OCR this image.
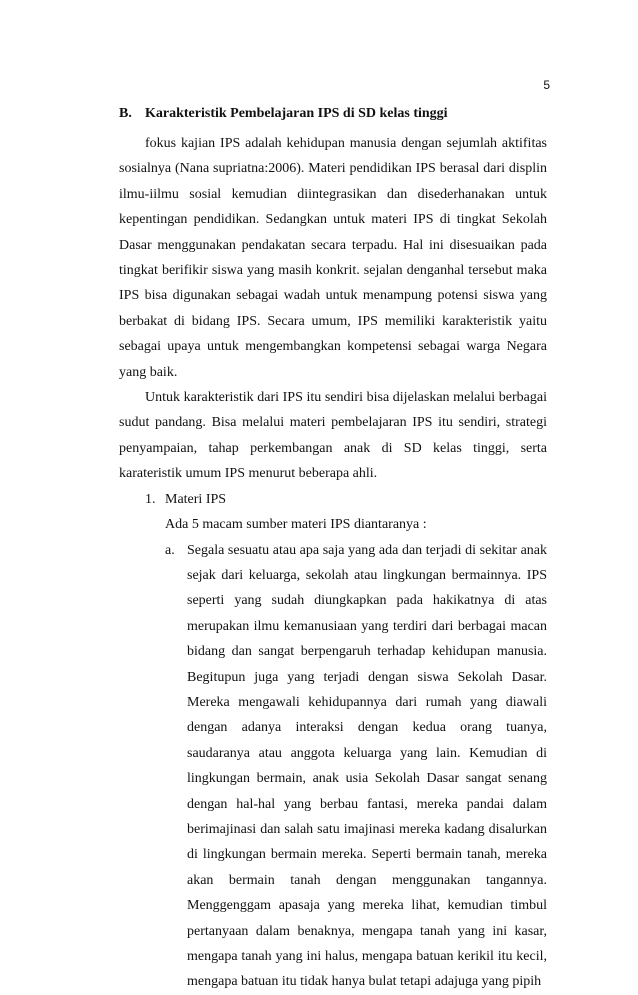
5
B. Karakteristik Pembelajaran IPS di SD kelas tinggi

fokus kajian IPS adalah kehidupan manusia dengan sejumlah aktifitas sosialnya (Nana supriatna:2006). Materi pendidikan IPS berasal dari displin ilmu-iilmu sosial kemudian diintegrasikan dan disederhanakan untuk kepentingan pendidikan. Sedangkan untuk materi IPS di tingkat Sekolah Dasar menggunakan pendakatan secara terpadu. Hal ini disesuaikan pada tingkat berifikir siswa yang masih konkrit. sejalan denganhal tersebut maka IPS bisa digunakan sebagai wadah untuk menampung potensi siswa yang berbakat di bidang IPS. Secara umum, IPS memiliki karakteristik yaitu sebagai upaya untuk mengembangkan kompetensi sebagai warga Negara yang baik.

Untuk karakteristik dari IPS itu sendiri bisa dijelaskan melalui berbagai sudut pandang. Bisa melalui materi pembelajaran IPS itu sendiri, strategi penyampaian, tahap perkembangan anak di SD kelas tinggi, serta karateristik umum IPS menurut beberapa ahli.

1. Materi IPS
Ada 5 macam sumber materi IPS diantaranya :
a. Segala sesuatu atau apa saja yang ada dan terjadi di sekitar anak sejak dari keluarga, sekolah atau lingkungan bermainnya. IPS seperti yang sudah diungkapkan pada hakikatnya di atas merupakan ilmu kemanusiaan yang terdiri dari berbagai macan bidang dan sangat berpengaruh terhadap kehidupan manusia. Begitupun juga yang terjadi dengan siswa Sekolah Dasar. Mereka mengawali kehidupannya dari rumah yang diawali dengan adanya interaksi dengan kedua orang tuanya, saudaranya atau anggota keluarga yang lain. Kemudian di lingkungan bermain, anak usia Sekolah Dasar sangat senang dengan hal-hal yang berbau fantasi, mereka pandai dalam berimajinasi dan salah satu imajinasi mereka kadang disalurkan di lingkungan bermain mereka. Seperti bermain tanah, mereka akan bermain tanah dengan menggunakan tangannya. Menggenggam apasaja yang mereka lihat, kemudian timbul pertanyaan dalam benaknya, mengapa tanah yang ini kasar, mengapa tanah yang ini halus, mengapa batuan kerikil itu kecil, mengapa batuan itu tidak hanya bulat tetapi adajuga yang pipih
